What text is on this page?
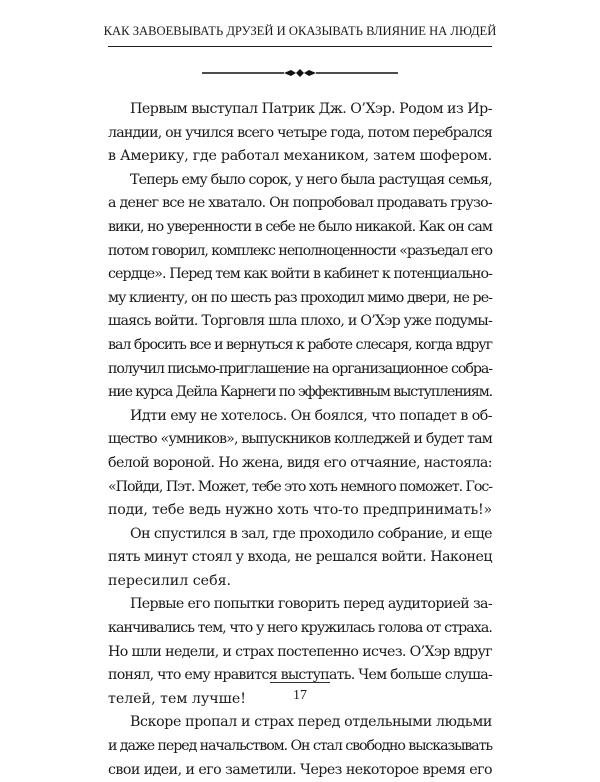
КАК ЗАВОЕВЫВАТЬ ДРУЗЕЙ И ОКАЗЫВАТЬ ВЛИЯНИЕ НА ЛЮДЕЙ
Первым выступал Патрик Дж. О’Хэр. Родом из Ир-
ландии, он учился всего четыре года, потом перебрался
в Америку, где работал механиком, затем шофером.
Теперь ему было сорок, у него была растущая семья,
а денег все не хватало. Он попробовал продавать грузо-
вики, но уверенности в себе не было никакой. Как он сам
потом говорил, комплекс неполноценности «разъедал его
сердце». Перед тем как войти в кабинет к потенциально-
му клиенту, он по шесть раз проходил мимо двери, не ре-
шаясь войти. Торговля шла плохо, и О’Хэр уже подумы-
вал бросить все и вернуться к работе слесаря, когда вдруг
получил письмо-приглашение на организационное собра-
ние курса Дейла Карнеги по эффективным выступлениям.
Идти ему не хотелось. Он боялся, что попадет в об-
щество «умников», выпускников колледжей и будет там
белой вороной. Но жена, видя его отчаяние, настояла:
«Пойди, Пэт. Может, тебе это хоть немного поможет. Гос-
поди, тебе ведь нужно хоть что-то предпринимать!»
Он спустился в зал, где проходило собрание, и еще
пять минут стоял у входа, не решался войти. Наконец
пересилил себя.
Первые его попытки говорить перед аудиторией за-
канчивались тем, что у него кружилась голова от страха.
Но шли недели, и страх постепенно исчез. О’Хэр вдруг
понял, что ему нравится выступать. Чем больше слуша-
телей, тем лучше!
Вскоре пропал и страх перед отдельными людьми
и даже перед начальством. Он стал свободно высказывать
свои идеи, и его заметили. Через некоторое время его
17
